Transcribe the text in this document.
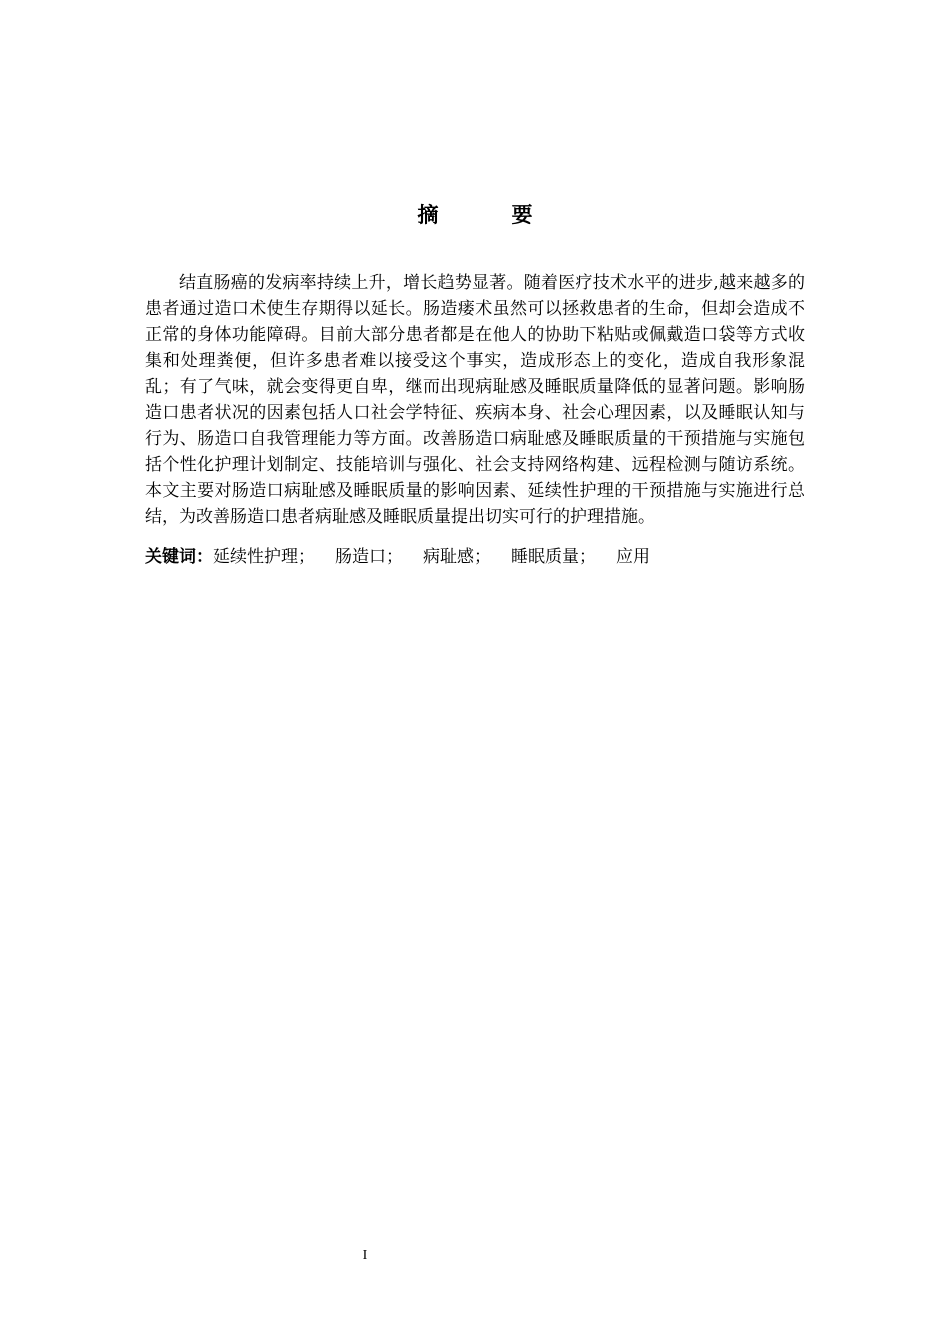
摘　要

结直肠癌的发病率持续上升，增长趋势显著。随着医疗技术水平的进步,越来越多的患者通过造口术使生存期得以延长。肠造瘘术虽然可以拯救患者的生命，但却会造成不正常的身体功能障碍。目前大部分患者都是在他人的协助下粘贴或佩戴造口袋等方式收集和处理粪便，但许多患者难以接受这个事实，造成形态上的变化，造成自我形象混乱；有了气味，就会变得更自卑，继而出现病耻感及睡眠质量降低的显著问题。影响肠造口患者状况的因素包括人口社会学特征、疾病本身、社会心理因素，以及睡眠认知与行为、肠造口自我管理能力等方面。改善肠造口病耻感及睡眠质量的干预措施与实施包括个性化护理计划制定、技能培训与强化、社会支持网络构建、远程检测与随访系统。本文主要对肠造口病耻感及睡眠质量的影响因素、延续性护理的干预措施与实施进行总结，为改善肠造口患者病耻感及睡眠质量提出切实可行的护理措施。

关键词：延续性护理； 肠造口； 病耻感； 睡眠质量； 应用

I
